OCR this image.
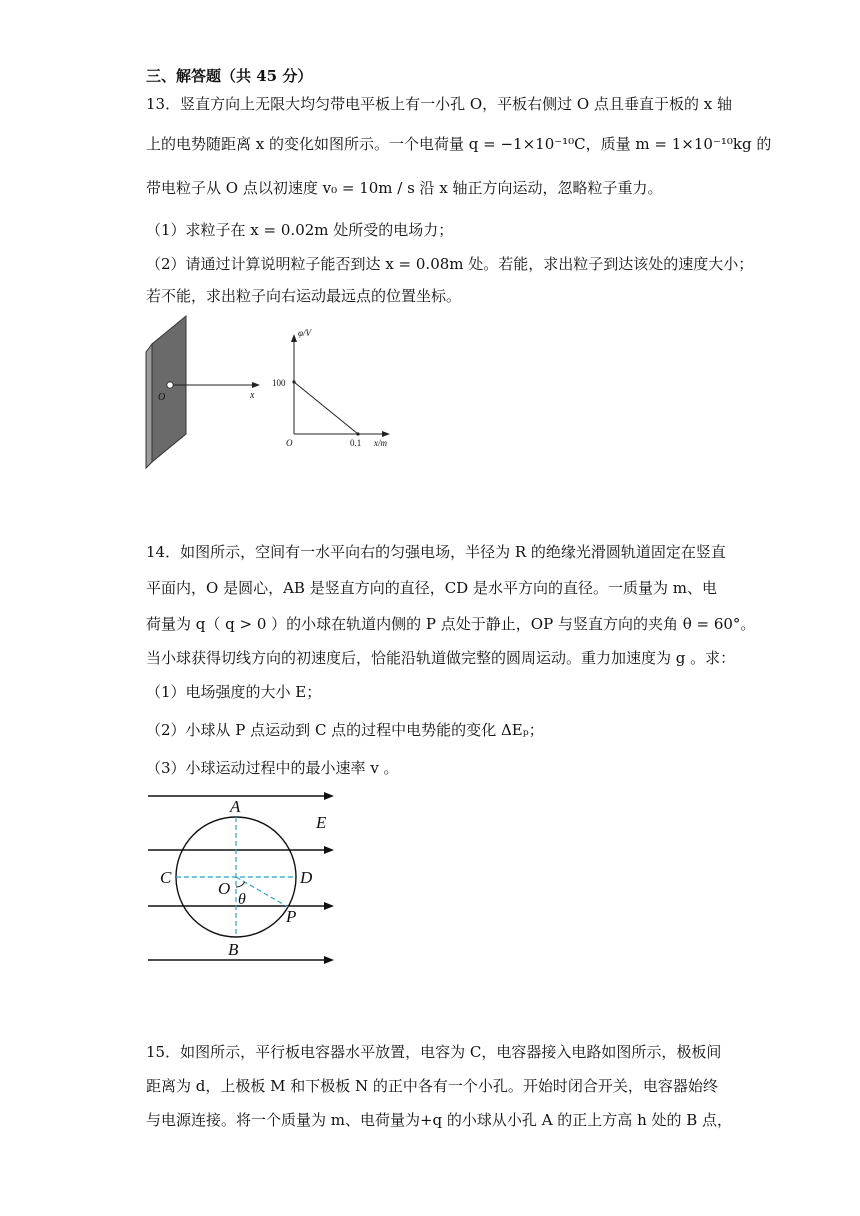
三、解答题（共 45 分）
13．竖直方向上无限大均匀带电平板上有一小孔 O，平板右侧过 O 点且垂直于板的 x 轴
上的电势随距离 x 的变化如图所示。一个电荷量 q = −1×10⁻¹⁰C，质量 m = 1×10⁻¹⁰kg 的
带电粒子从 O 点以初速度 v₀ = 10m / s 沿 x 轴正方向运动，忽略粒子重力。
（1）求粒子在 x = 0.02m 处所受的电场力；
（2）请通过计算说明粒子能否到达 x = 0.08m 处。若能，求出粒子到达该处的速度大小；
若不能，求出粒子向右运动最远点的位置坐标。
O	x
φ/V
100
O	0.1 x/m
14．如图所示，空间有一水平向右的匀强电场，半径为 R 的绝缘光滑圆轨道固定在竖直
平面内，O 是圆心，AB 是竖直方向的直径，CD 是水平方向的直径。一质量为 m、电
荷量为 q（ q > 0 ）的小球在轨道内侧的 P 点处于静止，OP 与竖直方向的夹角 θ = 60°。
当小球获得切线方向的初速度后，恰能沿轨道做完整的圆周运动。重力加速度为 g 。求：
（1）电场强度的大小 E；
（2）小球从 P 点运动到 C 点的过程中电势能的变化 ΔEₚ；
（3）小球运动过程中的最小速率 v 。
A
B
C	D
O
θ
P
E
15．如图所示，平行板电容器水平放置，电容为 C，电容器接入电路如图所示，极板间
距离为 d，上极板 M 和下极板 N 的正中各有一个小孔。开始时闭合开关，电容器始终
与电源连接。将一个质量为 m、电荷量为+q 的小球从小孔 A 的正上方高 h 处的 B 点，
